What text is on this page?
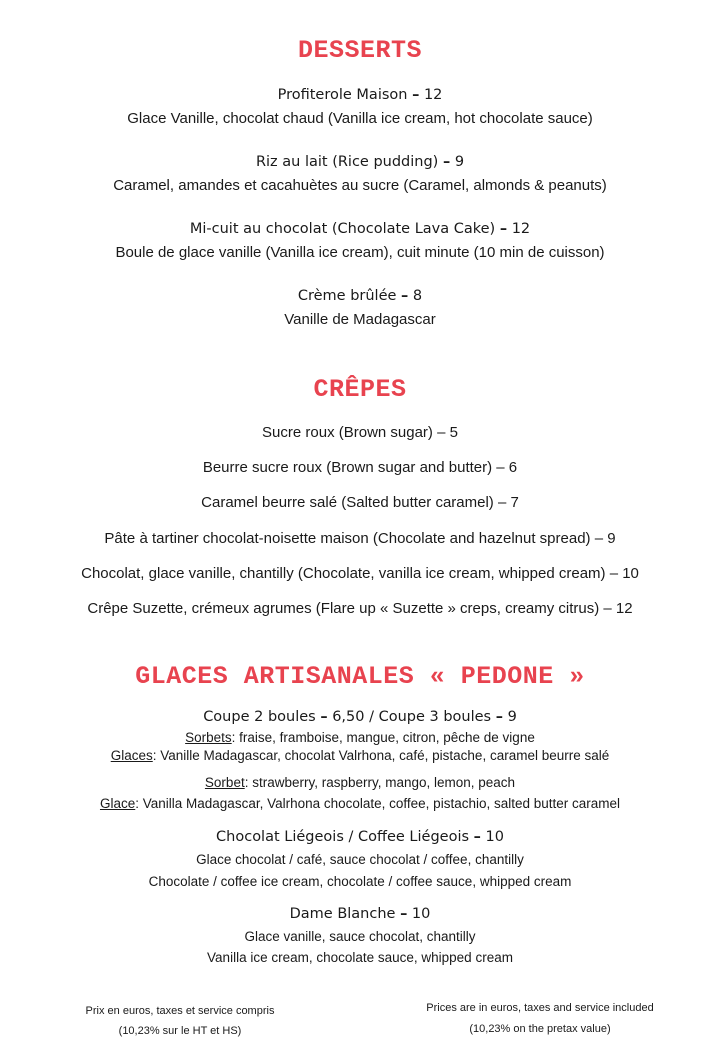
DESSERTS

Profiterole Maison – 12

Glace Vanille, chocolat chaud (Vanilla ice cream, hot chocolate sauce)

Riz au lait (Rice pudding) – 9

Caramel, amandes et cacahuètes au sucre (Caramel, almonds & peanuts)

Mi-cuit au chocolat (Chocolate Lava Cake) – 12

Boule de glace vanille (Vanilla ice cream), cuit minute (10 min de cuisson)

Crème brûlée – 8

Vanille de Madagascar

CRÊPES

Sucre roux (Brown sugar) – 5

Beurre sucre roux (Brown sugar and butter) – 6

Caramel beurre salé (Salted butter caramel) – 7

Pâte à tartiner chocolat-noisette maison (Chocolate and hazelnut spread) – 9

Chocolat, glace vanille, chantilly (Chocolate, vanilla ice cream, whipped cream) – 10

Crêpe Suzette, crémeux agrumes (Flare up « Suzette » creps, creamy citrus) – 12

GLACES ARTISANALES « PEDONE »

Coupe 2 boules – 6,50 / Coupe 3 boules – 9

Sorbets: fraise, framboise, mangue, citron, pêche de vigne

Glaces: Vanille Madagascar, chocolat Valrhona, café, pistache, caramel beurre salé

Sorbet: strawberry, raspberry, mango, lemon, peach

Glace: Vanilla Madagascar, Valrhona chocolate, coffee, pistachio, salted butter caramel

Chocolat Liégeois / Coffee Liégeois – 10

Glace chocolat / café, sauce chocolat / coffee, chantilly

Chocolate / coffee ice cream, chocolate / coffee sauce, whipped cream

Dame Blanche – 10

Glace vanille, sauce chocolat, chantilly

Vanilla ice cream, chocolate sauce, whipped cream

Prix en euros, taxes et service compris
(10,23% sur le HT et HS)
Prices are in euros, taxes and service included
(10,23% on the pretax value)
